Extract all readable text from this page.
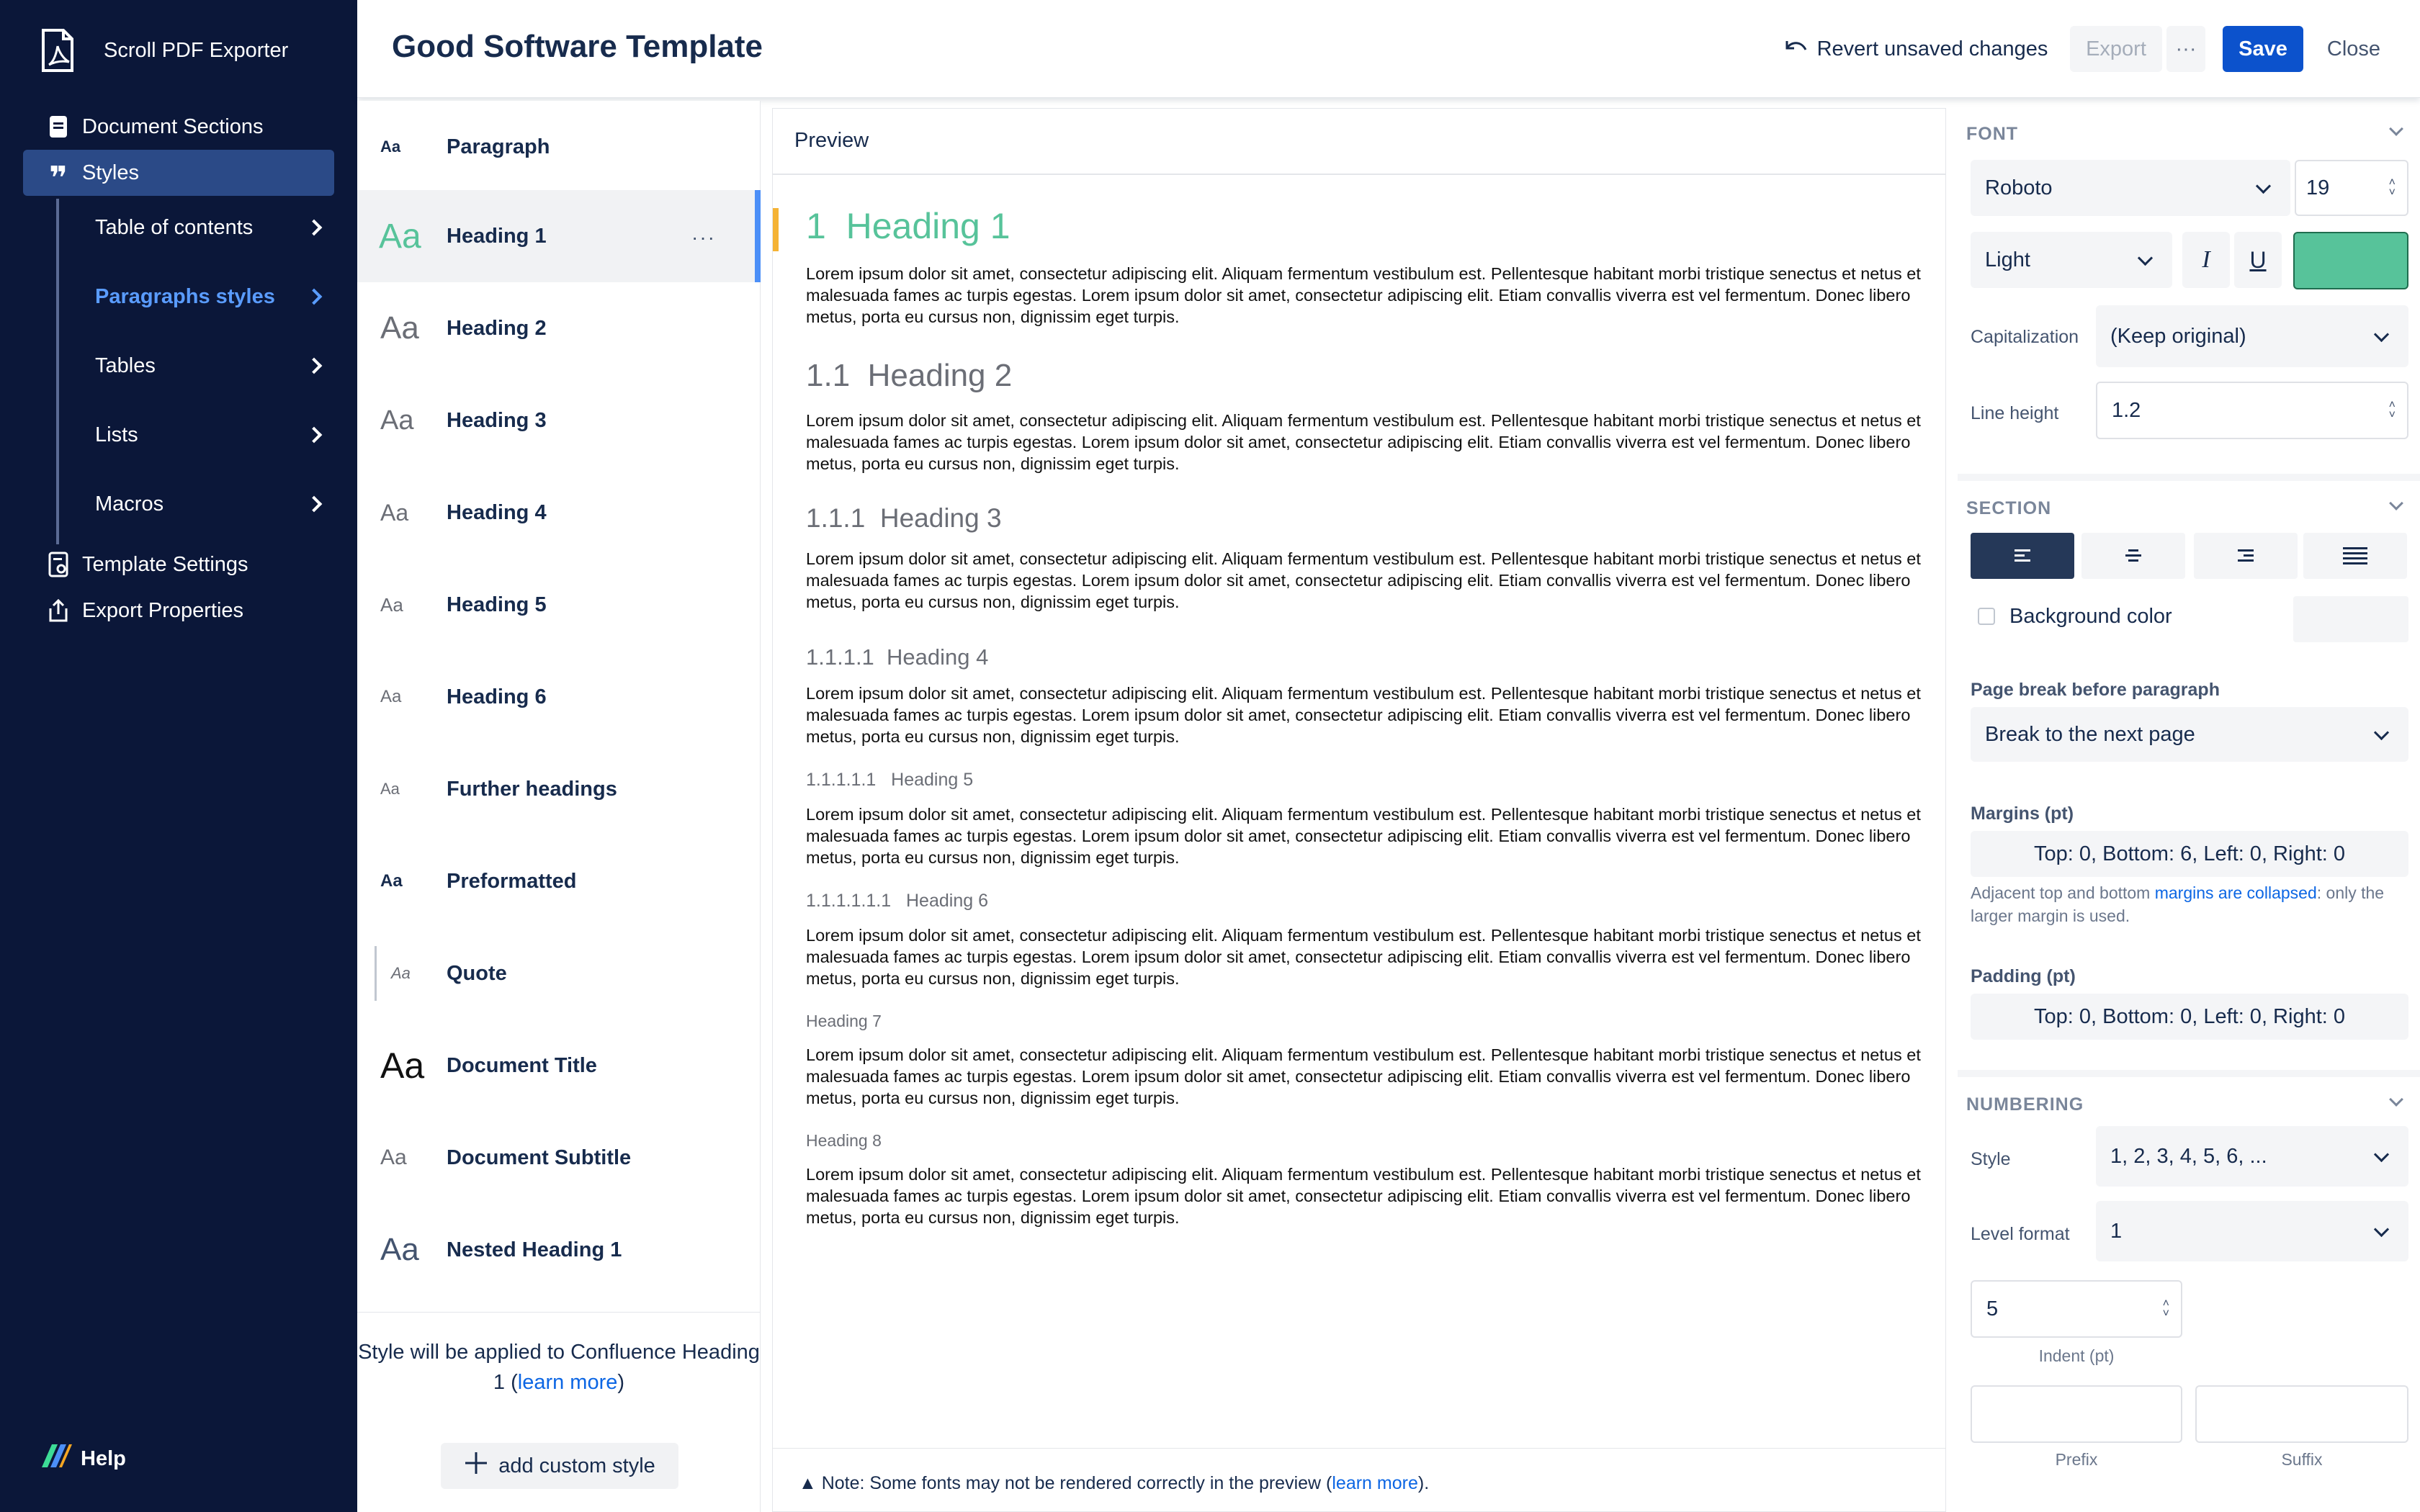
Scroll PDF Exporter
Document Sections
❞ Styles
Table of contents
Paragraphs styles
Tables
Lists
Macros
Template Settings
Export Properties
Help
Good Software Template	Revert unsaved changes Export ··· Save Close
Aa	Paragraph
Aa	Heading 1	···
Aa	Heading 2
Aa	Heading 3
Aa	Heading 4
Aa	Heading 5
Aa	Heading 6
Aa	Further headings
Aa	Preformatted
Aa	Quote
Aa	Document Title
Aa	Document Subtitle
Aa	Nested Heading 1
Style will be applied to Confluence Heading 1 (learn more)
add custom style
Preview
1 Heading 1
Lorem ipsum dolor sit amet, consectetur adipiscing elit. Aliquam fermentum vestibulum est. Pellentesque habitant morbi tristique senectus et netus et malesuada fames ac turpis egestas. Lorem ipsum dolor sit amet, consectetur adipiscing elit. Etiam convallis viverra est vel fermentum. Donec libero metus, porta eu cursus non, dignissim eget turpis.
1.1 Heading 2
Lorem ipsum dolor sit amet, consectetur adipiscing elit. Aliquam fermentum vestibulum est. Pellentesque habitant morbi tristique senectus et netus et malesuada fames ac turpis egestas. Lorem ipsum dolor sit amet, consectetur adipiscing elit. Etiam convallis viverra est vel fermentum. Donec libero metus, porta eu cursus non, dignissim eget turpis.
1.1.1 Heading 3
Lorem ipsum dolor sit amet, consectetur adipiscing elit. Aliquam fermentum vestibulum est. Pellentesque habitant morbi tristique senectus et netus et malesuada fames ac turpis egestas. Lorem ipsum dolor sit amet, consectetur adipiscing elit. Etiam convallis viverra est vel fermentum. Donec libero metus, porta eu cursus non, dignissim eget turpis.
1.1.1.1 Heading 4
Lorem ipsum dolor sit amet, consectetur adipiscing elit. Aliquam fermentum vestibulum est. Pellentesque habitant morbi tristique senectus et netus et malesuada fames ac turpis egestas. Lorem ipsum dolor sit amet, consectetur adipiscing elit. Etiam convallis viverra est vel fermentum. Donec libero metus, porta eu cursus non, dignissim eget turpis.
1.1.1.1.1 Heading 5
Lorem ipsum dolor sit amet, consectetur adipiscing elit. Aliquam fermentum vestibulum est. Pellentesque habitant morbi tristique senectus et netus et malesuada fames ac turpis egestas. Lorem ipsum dolor sit amet, consectetur adipiscing elit. Etiam convallis viverra est vel fermentum. Donec libero metus, porta eu cursus non, dignissim eget turpis.
1.1.1.1.1.1 Heading 6
Lorem ipsum dolor sit amet, consectetur adipiscing elit. Aliquam fermentum vestibulum est. Pellentesque habitant morbi tristique senectus et netus et malesuada fames ac turpis egestas. Lorem ipsum dolor sit amet, consectetur adipiscing elit. Etiam convallis viverra est vel fermentum. Donec libero metus, porta eu cursus non, dignissim eget turpis.
Heading 7
Lorem ipsum dolor sit amet, consectetur adipiscing elit. Aliquam fermentum vestibulum est. Pellentesque habitant morbi tristique senectus et netus et malesuada fames ac turpis egestas. Lorem ipsum dolor sit amet, consectetur adipiscing elit. Etiam convallis viverra est vel fermentum. Donec libero metus, porta eu cursus non, dignissim eget turpis.
Heading 8
Lorem ipsum dolor sit amet, consectetur adipiscing elit. Aliquam fermentum vestibulum est. Pellentesque habitant morbi tristique senectus et netus et malesuada fames ac turpis egestas. Lorem ipsum dolor sit amet, consectetur adipiscing elit. Etiam convallis viverra est vel fermentum. Donec libero metus, porta eu cursus non, dignissim eget turpis.
▲ Note: Some fonts may not be rendered correctly in the preview (learn more).
FONT
Roboto	19	˄
˅
Light	I U
Capitalization (Keep original)
Line height	1.2	˄
˅
SECTION
Background color
Page break before paragraph
Break to the next page
Margins (pt)
Top: 0, Bottom: 6, Left: 0, Right: 0
Adjacent top and bottom margins are collapsed: only the larger margin is used.
Padding (pt)
Top: 0, Bottom: 0, Left: 0, Right: 0
NUMBERING
Style	1, 2, 3, 4, 5, 6, ...
Level format 1
5	˄
˅
Indent (pt)
Prefix	Suffix
